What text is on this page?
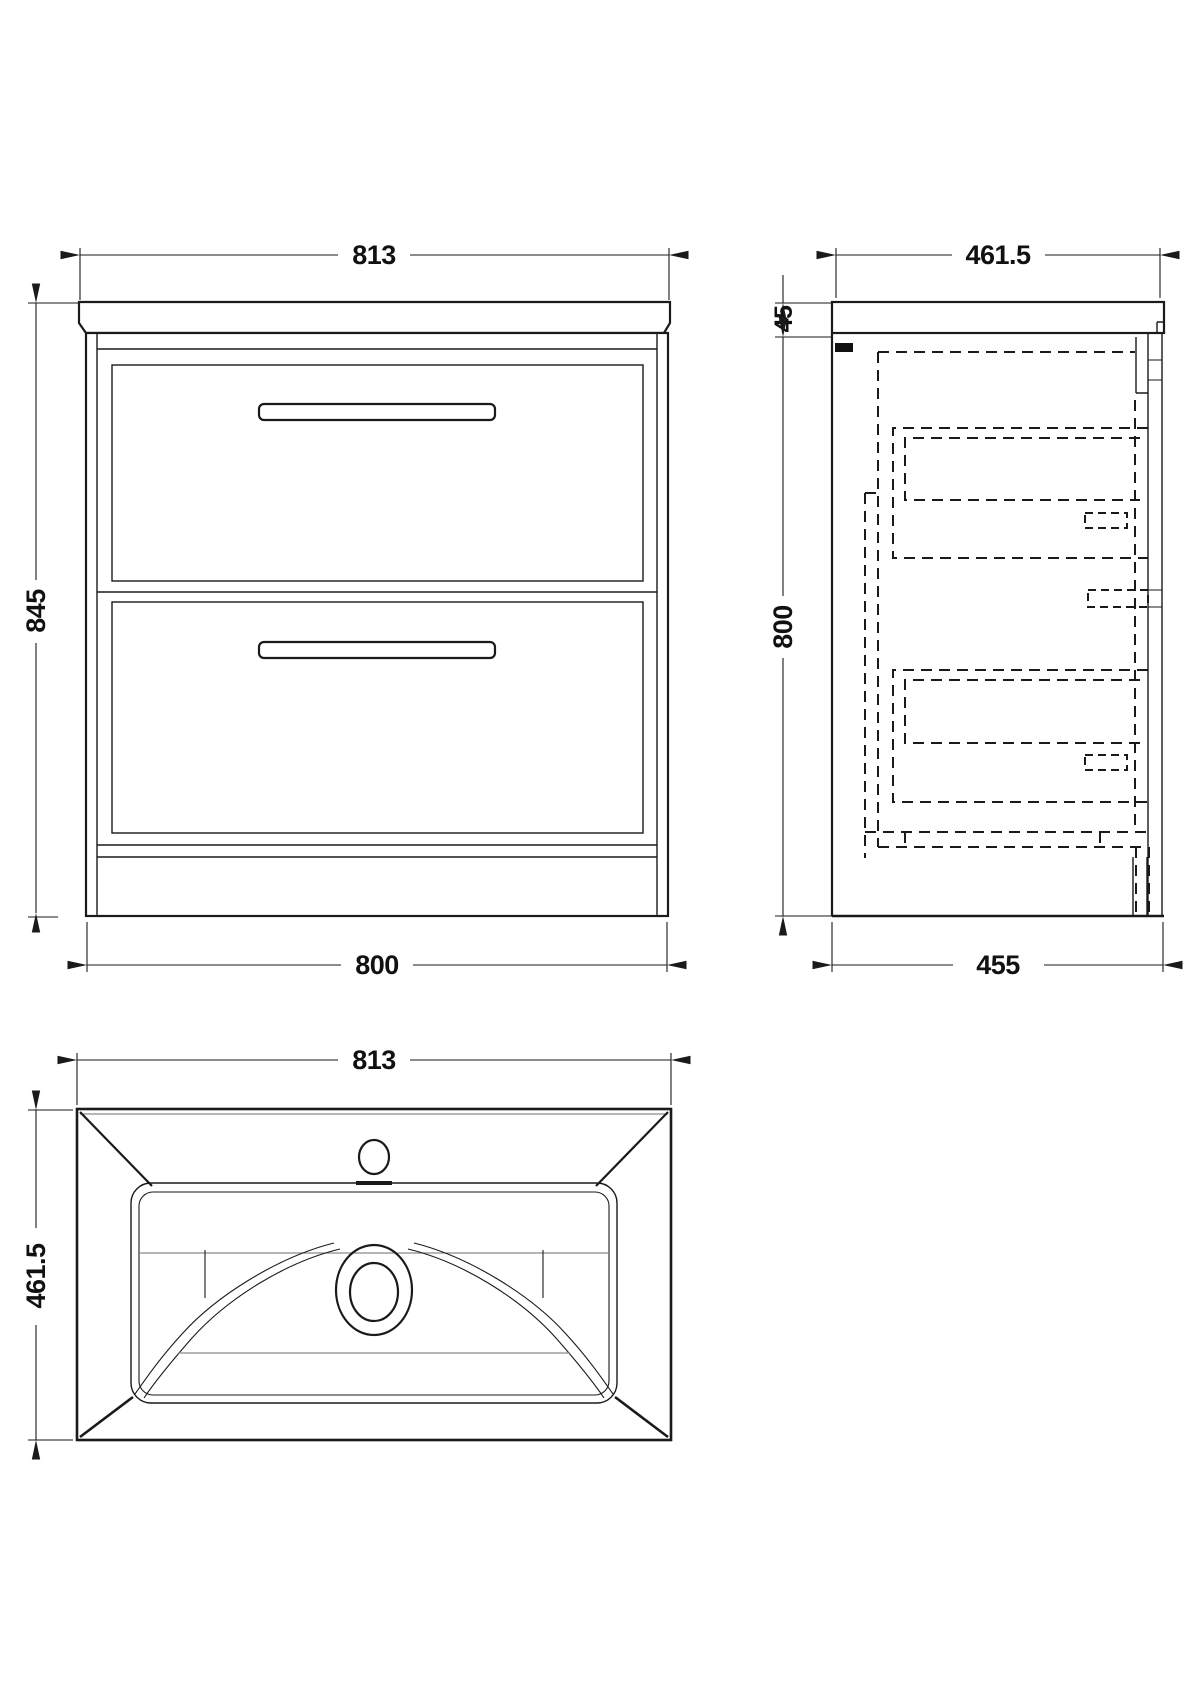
813
845
800
461.5
45
800
455
813
461.5
